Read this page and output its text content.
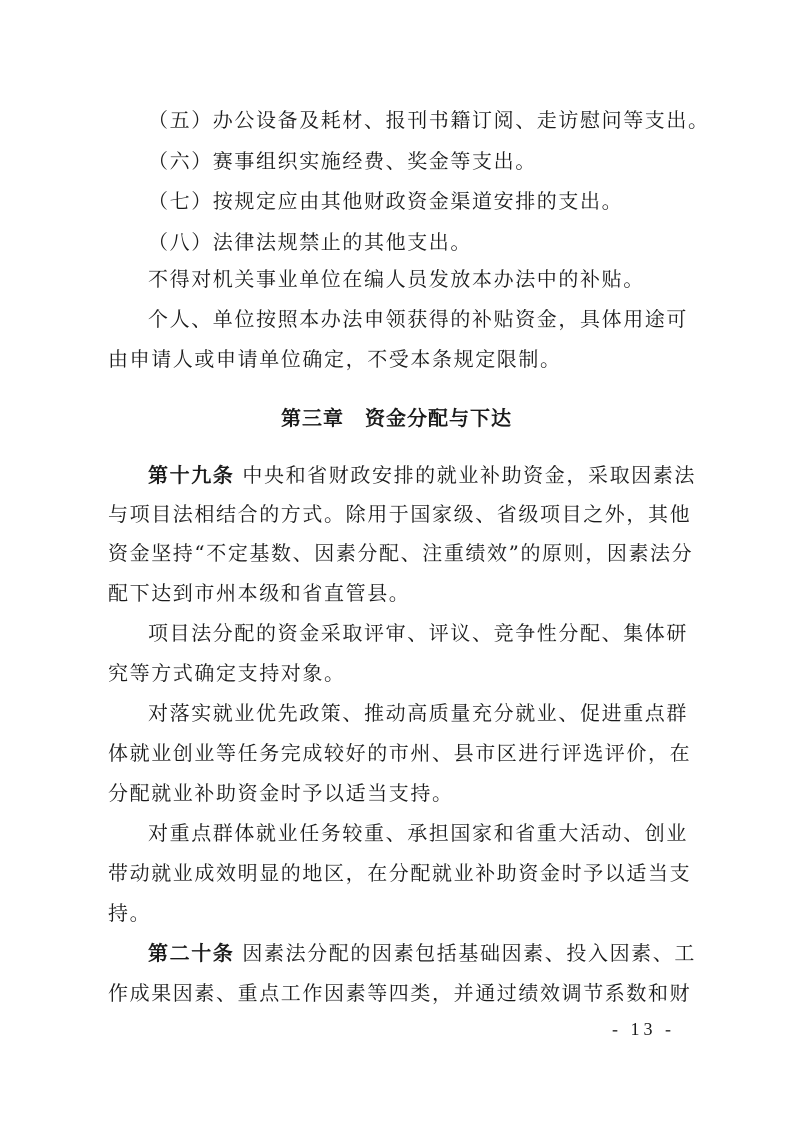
（五）办公设备及耗材、报刊书籍订阅、走访慰问等支出。
（六）赛事组织实施经费、奖金等支出。
（七）按规定应由其他财政资金渠道安排的支出。
（八）法律法规禁止的其他支出。
不得对机关事业单位在编人员发放本办法中的补贴。
个人、单位按照本办法申领获得的补贴资金，具体用途可
由申请人或申请单位确定，不受本条规定限制。
第三章　资金分配与下达
第十九条 中央和省财政安排的就业补助资金，采取因素法
与项目法相结合的方式。除用于国家级、省级项目之外，其他
资金坚持“不定基数、因素分配、注重绩效”的原则，因素法分
配下达到市州本级和省直管县。
项目法分配的资金采取评审、评议、竞争性分配、集体研
究等方式确定支持对象。
对落实就业优先政策、推动高质量充分就业、促进重点群
体就业创业等任务完成较好的市州、县市区进行评选评价，在
分配就业补助资金时予以适当支持。
对重点群体就业任务较重、承担国家和省重大活动、创业
带动就业成效明显的地区，在分配就业补助资金时予以适当支
持。
第二十条 因素法分配的因素包括基础因素、投入因素、工
作成果因素、重点工作因素等四类，并通过绩效调节系数和财
- 13 -
